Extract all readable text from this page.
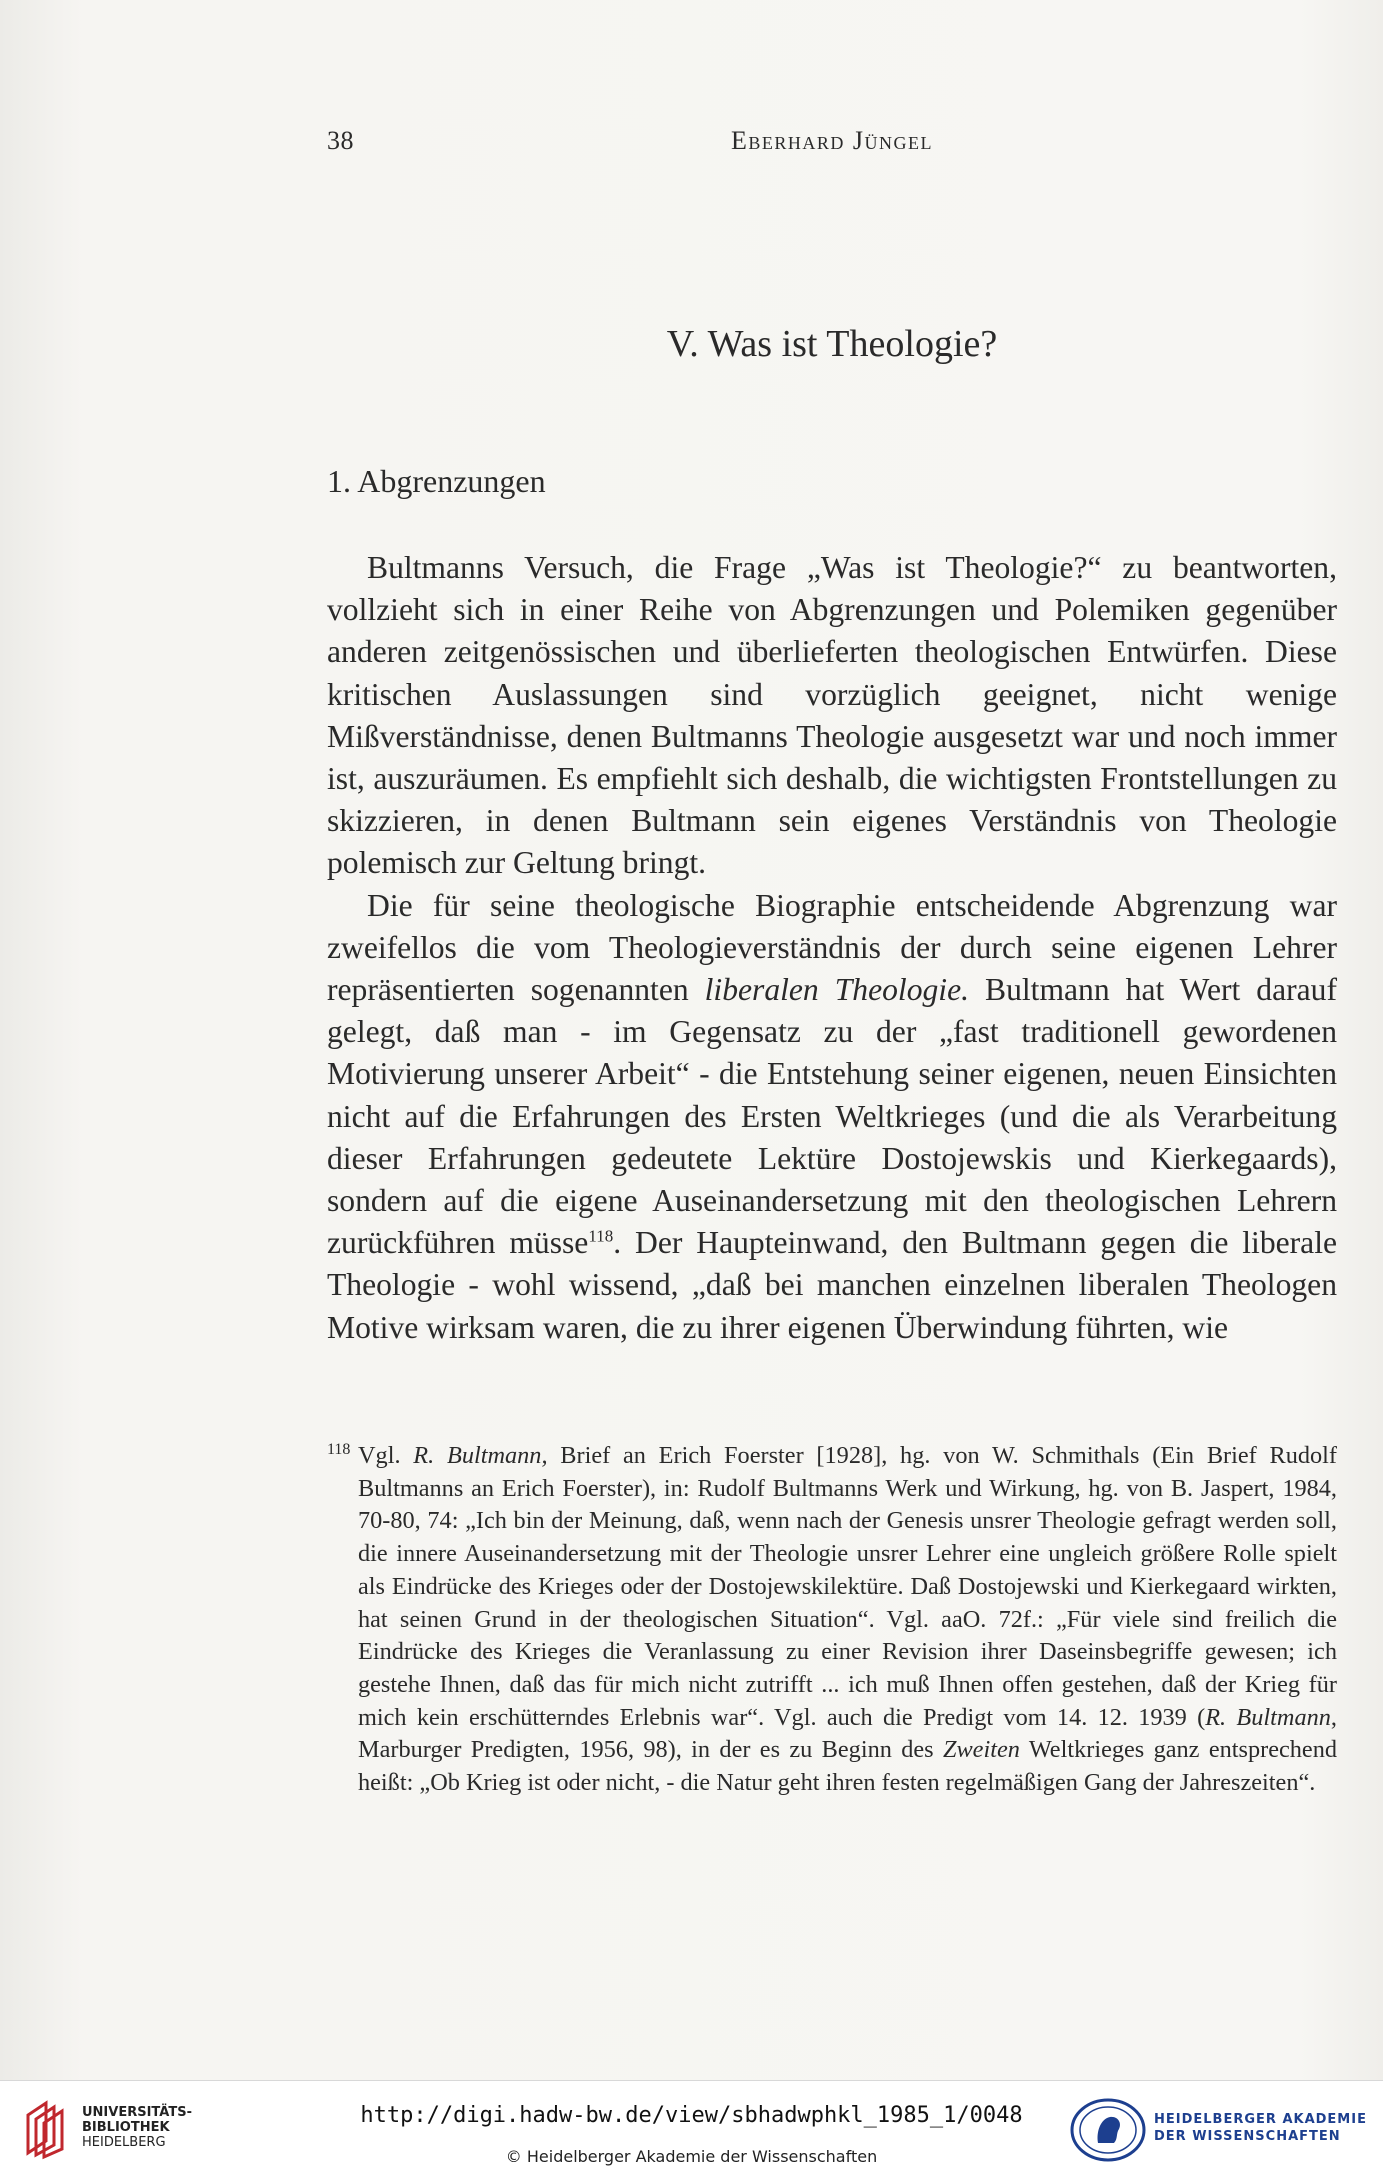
38	Eberhard Jüngel
V. Was ist Theologie?
1. Abgrenzungen

Bultmanns Versuch, die Frage „Was ist Theologie?“ zu beantworten, vollzieht sich in einer Reihe von Abgrenzungen und Polemiken gegenüber anderen zeitgenössischen und überlieferten theologischen Entwürfen. Diese kritischen Auslassungen sind vorzüglich geeignet, nicht wenige Mißverständnisse, denen Bultmanns Theologie ausgesetzt war und noch immer ist, auszuräumen. Es empfiehlt sich deshalb, die wichtigsten Frontstellungen zu skizzieren, in denen Bultmann sein eigenes Verständnis von Theologie polemisch zur Geltung bringt.

Die für seine theologische Biographie entscheidende Abgrenzung war zweifellos die vom Theologieverständnis der durch seine eigenen Lehrer repräsentierten sogenannten liberalen Theologie. Bultmann hat Wert darauf gelegt, daß man - im Gegensatz zu der „fast traditionell gewordenen Motivierung unserer Arbeit“ - die Entstehung seiner eigenen, neuen Einsichten nicht auf die Erfahrungen des Ersten Weltkrieges (und die als Verarbeitung dieser Erfahrungen gedeutete Lektüre Dostojewskis und Kierkegaards), sondern auf die eigene Auseinandersetzung mit den theologischen Lehrern zurückführen müsse$^{118}$. Der Haupteinwand, den Bultmann gegen die liberale Theologie - wohl wissend, „daß bei manchen einzelnen liberalen Theologen Motive wirksam waren, die zu ihrer eigenen Überwindung führten, wie

118 Vgl. R. Bultmann, Brief an Erich Foerster [1928], hg. von W. Schmithals (Ein Brief Rudolf Bultmanns an Erich Foerster), in: Rudolf Bultmanns Werk und Wirkung, hg. von B. Jaspert, 1984, 70-80, 74: „Ich bin der Meinung, daß, wenn nach der Genesis unsrer Theologie gefragt werden soll, die innere Auseinandersetzung mit der Theologie unsrer Lehrer eine ungleich größere Rolle spielt als Eindrücke des Krieges oder der Dostojewskilektüre. Daß Dostojewski und Kierkegaard wirkten, hat seinen Grund in der theologischen Situation“. Vgl. aaO. 72f.: „Für viele sind freilich die Eindrücke des Krieges die Veranlassung zu einer Revision ihrer Daseinsbegriffe gewesen; ich gestehe Ihnen, daß das für mich nicht zutrifft ... ich muß Ihnen offen gestehen, daß der Krieg für mich kein erschütterndes Erlebnis war“. Vgl. auch die Predigt vom 14. 12. 1939 (R. Bultmann, Marburger Predigten, 1956, 98), in der es zu Beginn des Zweiten Weltkrieges ganz entsprechend heißt: „Ob Krieg ist oder nicht, - die Natur geht ihren festen regelmäßigen Gang der Jahreszeiten“.
UNIVERSITÄTS-
BIBLIOTHEK
HEIDELBERG
http://digi.hadw-bw.de/view/sbhadwphkl_1985_1/0048
© Heidelberger Akademie der Wissenschaften
HEIDELBERGER AKADEMIE
DER WISSENSCHAFTEN
